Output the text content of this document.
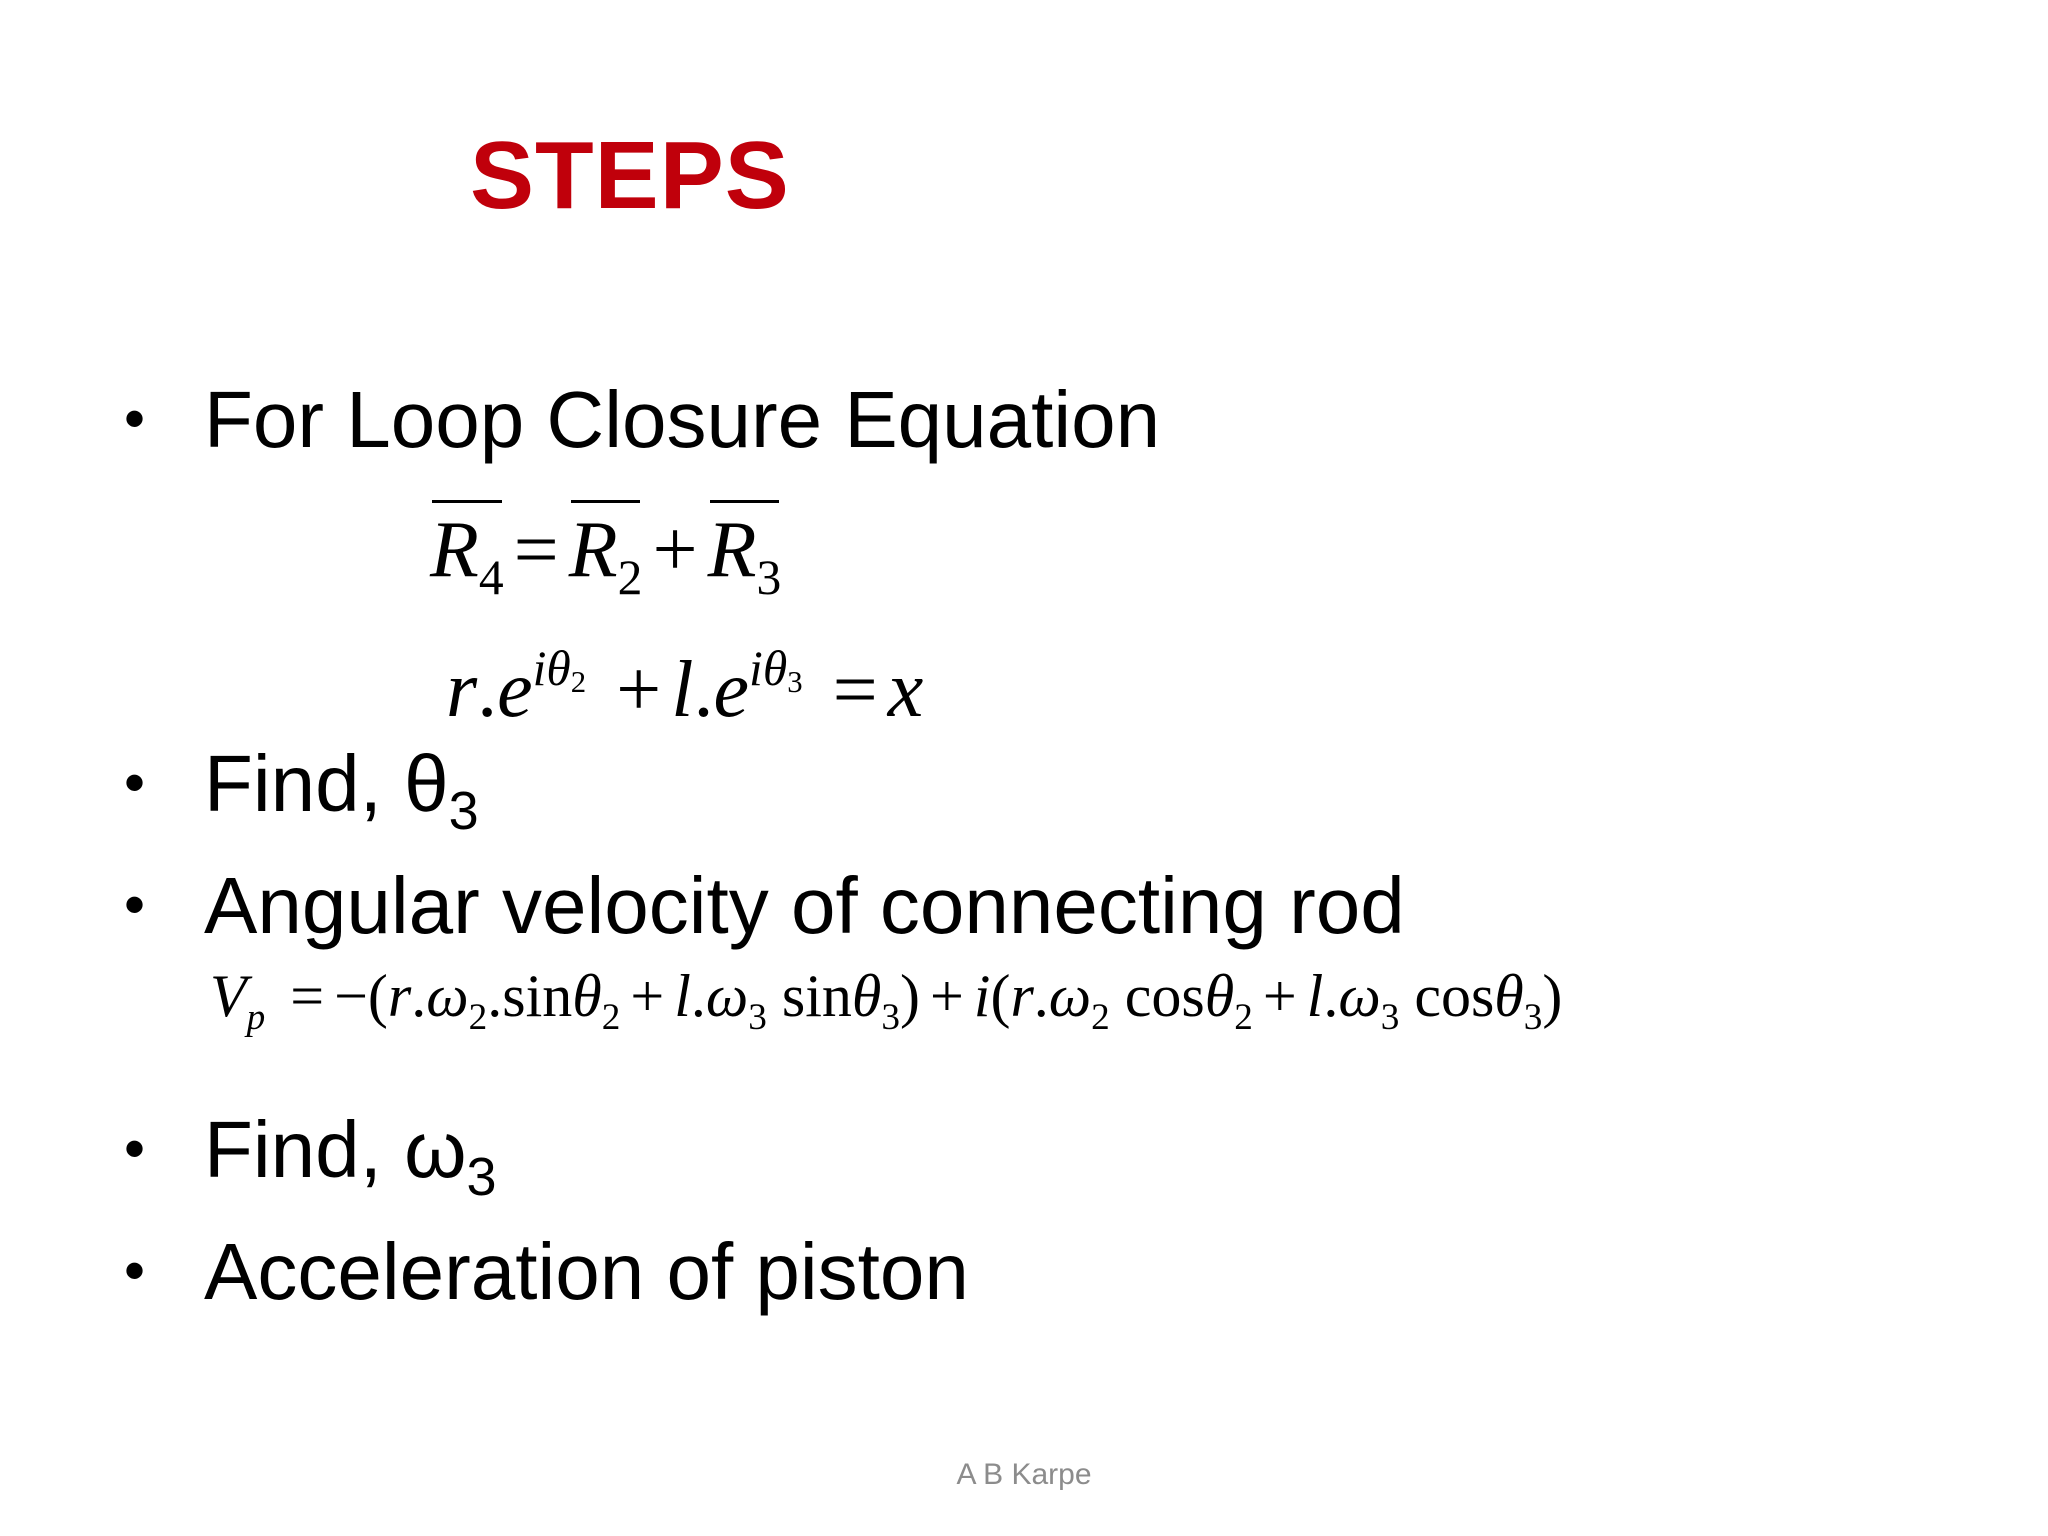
STEPS
• For Loop Closure Equation
$R_4 = R_2 + R_3$
$r.e^{i\theta 2} + l.e^{i\theta 3} = x$
• Find, $\theta_3$
• Angular velocity of connecting rod
$V_p = -(r.\omega_2.\sin\theta_2 + l.\omega_3$ $\sin\theta_3) + i(r.\omega_2$ $\cos\theta_2 + l.\omega_3$ cosθ$_3$)
• Find, $\omega_3$
• Acceleration of piston
A B Karpe
